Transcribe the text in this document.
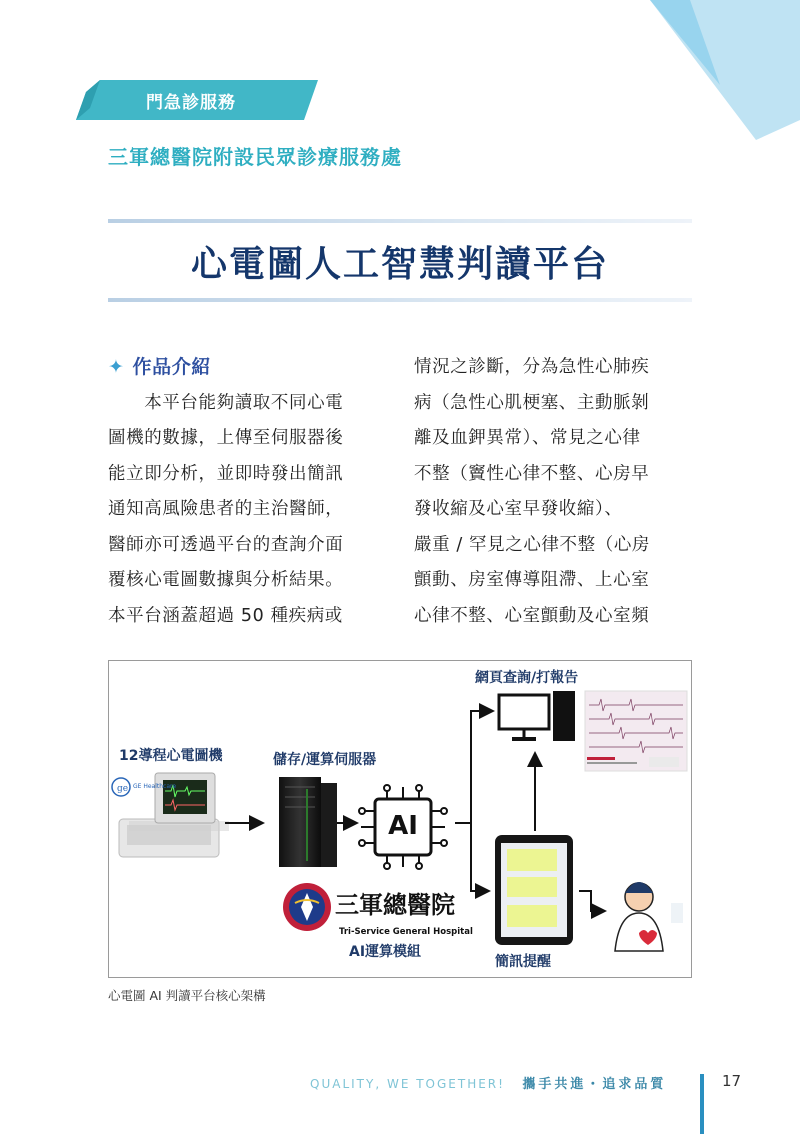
門急診服務
三軍總醫院附設民眾診療服務處
心電圖人工智慧判讀平台
✦ 作品介紹

　　本平台能夠讀取不同心電

圖機的數據，上傳至伺服器後

能立即分析，並即時發出簡訊

通知高風險患者的主治醫師，

醫師亦可透過平台的查詢介面

覆核心電圖數據與分析結果。

本平台涵蓋超過 50 種疾病或

情況之診斷，分為急性心肺疾

病（急性心肌梗塞、主動脈剝

離及血鉀異常）、常見之心律

不整（竇性心律不整、心房早

發收縮及心室早發收縮）、

嚴重 / 罕見之心律不整（心房

顫動、房室傳導阻滯、上心室

心律不整、心室顫動及心室頻

ge
網頁查詢/打報告
12導程心電圖機	儲存/運算伺服器
GE Healthcare
AI
三軍總醫院
Tri-Service General Hospital
AI運算模組
簡訊提醒
心電圖 AI 判讀平台核心架構
QUALITY, WE TOGETHER! 攜手共進・追求品質	17
